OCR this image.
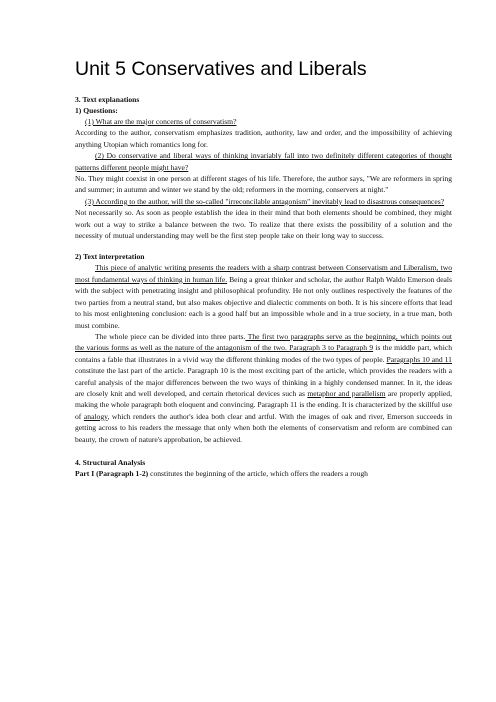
Unit 5 Conservatives and Liberals

3. Text explanations

1) Questions:

(1) What are the major concerns of conservatism?

According to the author, conservatism emphasizes tradition, authority, law and order, and the impossibility of achieving anything Utopian which romantics long for.

(2) Do conservative and liberal ways of thinking invariably fall into two definitely different categories of thought patterns different people might have?

No. They might coexist in one person at different stages of his life. Therefore, the author says, "We are reformers in spring and summer; in autumn and winter we stand by the old; reformers in the morning, conservers at night."

(3) According to the author, will the so-called "irreconcilable antagonism" inevitably lead to disastrous consequences?

Not necessarily so. As soon as people establish the idea in their mind that both elements should be combined, they might work out a way to strike a balance between the two. To realize that there exists the possibility of a solution and the necessity of mutual understanding may well be the first step people take on their long way to success.

2) Text interpretation

This piece of analytic writing presents the readers with a sharp contrast between Conservatism and Liberalism, two most fundamental ways of thinking in human life. Being a great thinker and scholar, the author Ralph Waldo Emerson deals with the subject with penetrating insight and philosophical profundity. He not only outlines respectively the features of the two parties from a neutral stand, but also makes objective and dialectic comments on both. It is his sincere efforts that lead to his most enlightening conclusion: each is a good half but an impossible whole and in a true society, in a true man, both must combine.

The whole piece can be divided into three parts. The first two paragraphs serve as the beginning, which points out the various forms as well as the nature of the antagonism of the two. Paragraph 3 to Paragraph 9 is the middle part, which contains a fable that illustrates in a vivid way the different thinking modes of the two types of people. Paragraphs 10 and 11 constitute the last part of the article. Paragraph 10 is the most exciting part of the article, which provides the readers with a careful analysis of the major differences between the two ways of thinking in a highly condensed manner. In it, the ideas are closely knit and well developed, and certain rhetorical devices such as metaphor and parallelism are properly applied, making the whole paragraph both eloquent and convincing. Paragraph 11 is the ending. It is characterized by the skillful use of analogy, which renders the author's idea both clear and artful. With the images of oak and river, Emerson succeeds in getting across to his readers the message that only when both the elements of conservatism and reform are combined can beauty, the crown of nature's approbation, be achieved.

4. Structural Analysis

Part I (Paragraph 1-2) constitutes the beginning of the article, which offers the readers a rough
